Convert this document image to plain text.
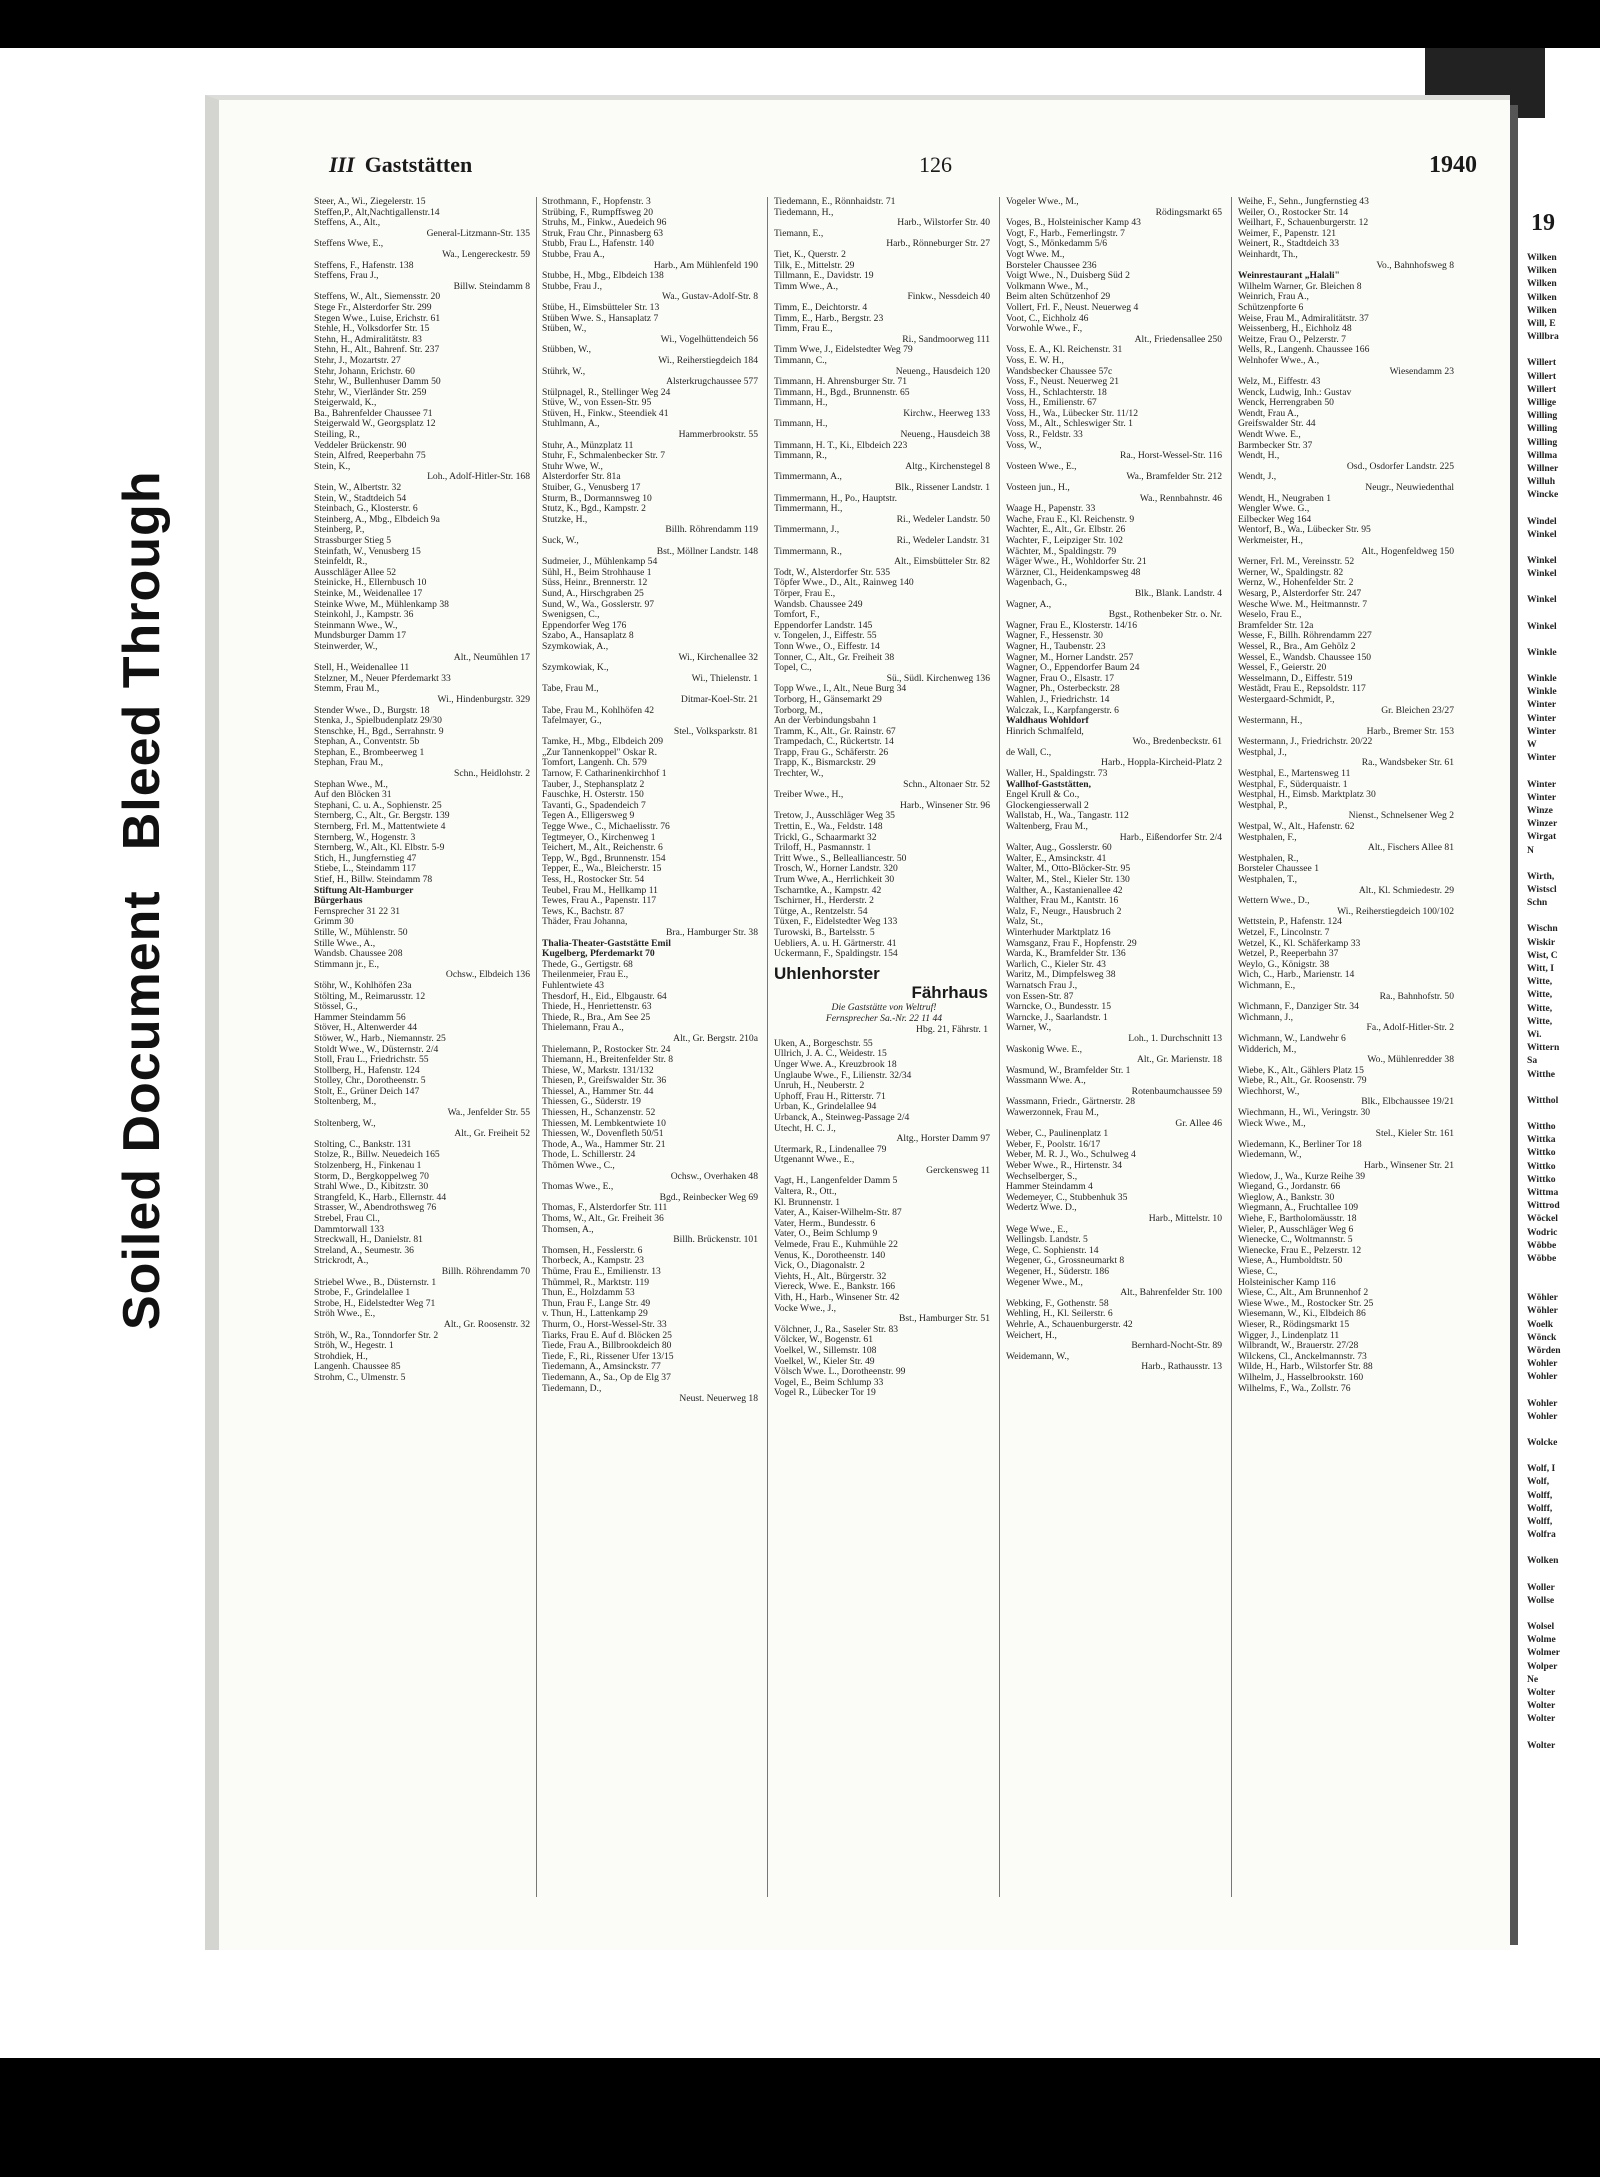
Soiled Document
Bleed Through
III Gaststätten	126	1940
Steer, A., Wi., Ziegelerstr. 15
Steffen,P., Alt,Nachtigallenstr.14
Steffens, A., Alt.,
General-Litzmann-Str. 135
Steffens Wwe, E.,
Wa., Lengereckestr. 59
Steffens, F., Hafenstr. 138
Steffens, Frau J.,
Billw. Steindamm 8
Steffens, W., Alt., Siemensstr. 20
Stege Fr., Alsterdorfer Str. 299
Stegen Wwe., Luise, Erichstr. 61
Stehle, H., Volksdorfer Str. 15
Stehn, H., Admiralitätstr. 83
Stehn, H., Alt., Bahrenf. Str. 237
Stehr, J., Mozartstr. 27
Stehr, Johann, Erichstr. 60
Stehr, W., Bullenhuser Damm 50
Stehr, W., Vierländer Str. 259
Steigerwald, K.,
Ba., Bahrenfelder Chaussee 71
Steigerwald W., Georgsplatz 12
Steiling, R.,
Veddeler Brückenstr. 90
Stein, Alfred, Reeperbahn 75
Stein, K.,
Loh., Adolf-Hitler-Str. 168
Stein, W., Albertstr. 32
Stein, W., Stadtdeich 54
Steinbach, G., Klosterstr. 6
Steinberg, A., Mbg., Elbdeich 9a
Steinberg, P.,
Strassburger Stieg 5
Steinfath, W., Venusberg 15
Steinfeldt, R.,
Ausschläger Allee 52
Steinicke, H., Ellernbusch 10
Steinke, M., Weidenallee 17
Steinke Wwe, M., Mühlenkamp 38
Steinkohl, J., Kampstr. 36
Steinmann Wwe., W.,
Mundsburger Damm 17
Steinwerder, W.,
Alt., Neumühlen 17
Stell, H., Weidenallee 11
Stelzner, M., Neuer Pferdemarkt 33
Stemm, Frau M.,
Wi., Hindenburgstr. 329
Stender Wwe., D., Burgstr. 18
Stenka, J., Spielbudenplatz 29/30
Stenschke, H., Bgd., Serrahnstr. 9
Stephan, A., Conventstr. 5b
Stephan, E., Brombeerweg 1
Stephan, Frau M.,
Schn., Heidlohstr. 2
Stephan Wwe., M.,
Auf den Blöcken 31
Stephani, C. u. A., Sophienstr. 25
Sternberg, C., Alt., Gr. Bergstr. 139
Sternberg, Frl. M., Mattentwiete 4
Sternberg, W., Hogenstr. 3
Sternberg, W., Alt., Kl. Elbstr. 5-9
Stich, H., Jungfernstieg 47
Stiebe, L., Steindamm 117
Stief, H., Billw. Steindamm 78
Stiftung Alt-Hamburger
Bürgerhaus
Fernsprecher 31 22 31
Grimm 30
Stille, W., Mühlenstr. 50
Stille Wwe., A.,
Wandsb. Chaussee 208
Stimmann jr., E.,
Ochsw., Elbdeich 136
Stöhr, W., Kohlhöfen 23a
Stölting, M., Reimarusstr. 12
Stössel, G.,
Hammer Steindamm 56
Stöver, H., Altenwerder 44
Stöwer, W., Harb., Niemannstr. 25
Stoldt Wwe., W., Düsternstr. 2/4
Stoll, Frau L., Friedrichstr. 55
Stollberg, H., Hafenstr. 124
Stolley, Chr., Dorotheenstr. 5
Stolt, E., Grüner Deich 147
Stoltenberg, M.,
Wa., Jenfelder Str. 55
Stoltenberg, W.,
Alt., Gr. Freiheit 52
Stolting, C., Bankstr. 131
Stolze, R., Billw. Neuedeich 165
Stolzenberg, H., Finkenau 1
Storm, D., Bergkoppelweg 70
Strahl Wwe., D., Kibitzstr. 30
Strangfeld, K., Harb., Ellernstr. 44
Strasser, W., Abendrothsweg 76
Strebel, Frau Cl.,
Dammtorwall 133
Streckwall, H., Danielstr. 81
Streland, A., Seumestr. 36
Strickrodt, A.,
Billh. Röhrendamm 70
Striebel Wwe., B., Düsternstr. 1
Strobe, F., Grindelallee 1
Strobe, H., Eidelstedter Weg 71
Ströh Wwe., E.,
Alt., Gr. Roosenstr. 32
Ströh, W., Ra., Tonndorfer Str. 2
Ströh, W., Hegestr. 1
Strohdiek, H.,
Langenh. Chaussee 85
Strohm, C., Ulmenstr. 5
Strothmann, F., Hopfenstr. 3
Strübing, F., Rumpffsweg 20
Struhs, M., Finkw., Auedeich 96
Struk, Frau Chr., Pinnasberg 63
Stubb, Frau L., Hafenstr. 140
Stubbe, Frau A.,
Harb., Am Mühlenfeld 190
Stubbe, H., Mbg., Elbdeich 138
Stubbe, Frau J.,
Wa., Gustav-Adolf-Str. 8
Stübe, H., Eimsbütteler Str. 13
Stüben Wwe. S., Hansaplatz 7
Stüben, W.,
Wi., Vogelhüttendeich 56
Stübben, W.,
Wi., Reiherstiegdeich 184
Stührk, W.,
Alsterkrugchaussee 577
Stülpnagel, R., Stellinger Weg 24
Stüve, W., von Essen-Str. 95
Stüven, H., Finkw., Steendiek 41
Stuhlmann, A.,
Hammerbrookstr. 55
Stuhr, A., Münzplatz 11
Stuhr, F., Schmalenbecker Str. 7
Stuhr Wwe, W.,
Alsterdorfer Str. 81a
Stuiber, G., Venusberg 17
Sturm, B., Dormannsweg 10
Stutz, K., Bgd., Kampstr. 2
Stutzke, H.,
Billh. Röhrendamm 119
Suck, W.,
Bst., Möllner Landstr. 148
Sudmeier, J., Mühlenkamp 54
Sühl, H., Beim Strohhause 1
Süss, Heinr., Brennerstr. 12
Sund, A., Hirschgraben 25
Sund, W., Wa., Gosslerstr. 97
Swenigsen, C.,
Eppendorfer Weg 176
Szabo, A., Hansaplatz 8
Szymkowiak, A.,
Wi., Kirchenallee 32
Szymkowiak, K.,
Wi., Thielenstr. 1
Tabe, Frau M.,
Ditmar-Koel-Str. 21
Tabe, Frau M., Kohlhöfen 42
Tafelmayer, G.,
Stel., Volksparkstr. 81
Tamke, H., Mbg., Elbdeich 209
„Zur Tannenkoppel" Oskar R.
Tomfort, Langenh. Ch. 579
Tarnow, F. Catharinenkirchhof 1
Tauber, J., Stephansplatz 2
Fauschke, H. Osterstr. 150
Tavanti, G., Spadendeich 7
Tegen A., Elligersweg 9
Tegge Wwe., C., Michaelisstr. 76
Tegtmeyer, O., Kirchenweg 1
Teichert, M., Alt., Reichenstr. 6
Tepp, W., Bgd., Brunnenstr. 154
Tepper, E., Wa., Bleicherstr. 15
Tess, H., Rostocker Str. 54
Teubel, Frau M., Hellkamp 11
Tewes, Frau A., Papenstr. 117
Tews, K., Bachstr. 87
Thäder, Frau Johanna,
Bra., Hamburger Str. 38
Thalia-Theater-Gaststätte Emil
Kugelberg, Pferdemarkt 70
Thede, G., Gertigstr. 68
Theilenmeier, Frau E.,
Fuhlentwiete 43
Thesdorf, H., Eid., Elbgaustr. 64
Thiede, H., Henriettenstr. 63
Thiede, R., Bra., Am See 25
Thielemann, Frau A.,
Alt., Gr. Bergstr. 210a
Thielemann, P., Rostocker Str. 24
Thiemann, H., Breitenfelder Str. 8
Thiese, W., Markstr. 131/132
Thiesen, P., Greifswalder Str. 36
Thiessel, A., Hammer Str. 44
Thiessen, G., Süderstr. 19
Thiessen, H., Schanzenstr. 52
Thiessen, M. Lembkentwiete 10
Thiessen, W., Dovenfleth 50/51
Thode, A., Wa., Hammer Str. 21
Thode, L. Schillerstr. 24
Thömen Wwe., C.,
Ochsw., Overhaken 48
Thomas Wwe., E.,
Bgd., Reinbecker Weg 69
Thomas, F., Alsterdorfer Str. 111
Thoms, W., Alt., Gr. Freiheit 36
Thomsen, A.,
Billh. Brückenstr. 101
Thomsen, H., Fesslerstr. 6
Thorbeck, A., Kampstr. 23
Thüme, Frau E., Emilienstr. 13
Thümmel, R., Marktstr. 119
Thun, E., Holzdamm 53
Thun, Frau F., Lange Str. 49
v. Thun, H., Lattenkamp 29
Thurm, O., Horst-Wessel-Str. 33
Tiarks, Frau E. Auf d. Blöcken 25
Tiede, Frau A., Billbrookdeich 80
Tiede, F., Ri., Rissener Ufer 13/15
Tiedemann, A., Amsinckstr. 77
Tiedemann, A., Sa., Op de Elg 37
Tiedemann, D.,
Neust. Neuerweg 18
Tiedemann, E., Rönnhaidstr. 71
Tiedemann, H.,
Harb., Wilstorfer Str. 40
Tiemann, E.,
Harb., Rönneburger Str. 27
Tiet, K., Querstr. 2
Tilk, E., Mittelstr. 29
Tillmann, E., Davidstr. 19
Timm Wwe., A.,
Finkw., Nessdeich 40
Timm, E., Deichtorstr. 4
Timm, E., Harb., Bergstr. 23
Timm, Frau E.,
Ri., Sandmoorweg 111
Timm Wwe, J., Eidelstedter Weg 79
Timmann, C.,
Neueng., Hausdeich 120
Timmann, H. Ahrensburger Str. 71
Timmann, H., Bgd., Brunnenstr. 65
Timmann, H.,
Kirchw., Heerweg 133
Timmann, H.,
Neueng., Hausdeich 38
Timmann, H. T., Ki., Elbdeich 223
Timmann, R.,
Altg., Kirchenstegel 8
Timmermann, A.,
Blk., Rissener Landstr. 1
Timmermann, H., Po., Hauptstr.
Timmermann, H.,
Ri., Wedeler Landstr. 50
Timmermann, J.,
Ri., Wedeler Landstr. 31
Timmermann, R.,
Alt., Eimsbütteler Str. 82
Todt, W., Alsterdorfer Str. 535
Töpfer Wwe., D., Alt., Rainweg 140
Törper, Frau E.,
Wandsb. Chaussee 249
Tomfort, F.,
Eppendorfer Landstr. 145
v. Tongelen, J., Eiffestr. 55
Tonn Wwe., O., Eiffestr. 14
Tonner, C., Alt., Gr. Freiheit 38
Topel, C.,
Sü., Südl. Kirchenweg 136
Topp Wwe., I., Alt., Neue Burg 34
Torborg, H., Gänsemarkt 29
Torborg, M.,
An der Verbindungsbahn 1
Tramm, K., Alt., Gr. Rainstr. 67
Trampedach, C., Rückertstr. 14
Trapp, Frau G., Schäferstr. 26
Trapp, K., Bismarckstr. 29
Trechter, W.,
Schn., Altonaer Str. 52
Treiber Wwe., H.,
Harb., Winsener Str. 96
Tretow, J., Ausschläger Weg 35
Trettin, E., Wa., Feldstr. 148
Trickl, G., Schaarmarkt 32
Triloff, H., Pasmannstr. 1
Tritt Wwe., S., Bellealliancestr. 50
Trosch, W., Horner Landstr. 320
Trum Wwe, A., Herrlichkeit 30
Tscharntke, A., Kampstr. 42
Tschirner, H., Herderstr. 2
Tütge, A., Rentzelstr. 54
Tüxen, F., Eidelstedter Weg 133
Turowski, B., Bartelsstr. 5
Uebliers, A. u. H. Gärtnerstr. 41
Uckermann, F., Spaldingstr. 154
Uhlenhorster
Fährhaus
Die Gaststätte von Weltruf!
Fernsprecher Sa.-Nr. 22 11 44
Hbg. 21, Fährstr. 1
Uken, A., Borgeschstr. 55
Ullrich, J. A. C., Weidestr. 15
Unger Wwe. A., Kreuzbrook 18
Unglaube Wwe., F., Lilienstr. 32/34
Unruh, H., Neuberstr. 2
Uphoff, Frau H., Ritterstr. 71
Urban, K., Grindelallee 94
Urbanck, A., Steinweg-Passage 2/4
Utecht, H. C. J.,
Altg., Horster Damm 97
Utermark, R., Lindenallee 79
Utgenannt Wwe., E.,
Gerckensweg 11
Vagt, H., Langenfelder Damm 5
Valtera, R., Ott.,
Kl. Brunnenstr. 1
Vater, A., Kaiser-Wilhelm-Str. 87
Vater, Herm., Bundesstr. 6
Vater, O., Beim Schlump 9
Velmede, Frau E., Kuhmühle 22
Venus, K., Dorotheenstr. 140
Vick, O., Diagonalstr. 2
Viehts, H., Alt., Bürgerstr. 32
Viereck, Wwe. E., Bankstr. 166
Vith, H., Harb., Winsener Str. 42
Vocke Wwe., J.,
Bst., Hamburger Str. 51
Völchner, J., Ra., Saseler Str. 83
Völcker, W., Bogenstr. 61
Voelkel, W., Sillemstr. 108
Voelkel, W., Kieler Str. 49
Völsch Wwe. L., Dorotheenstr. 99
Vogel, E., Beim Schlump 33
Vogel R., Lübecker Tor 19
Vogeler Wwe., M.,
Rödingsmarkt 65
Voges, B., Holsteinischer Kamp 43
Vogt, F., Harb., Femerlingstr. 7
Vogt, S., Mönkedamm 5/6
Vogt Wwe. M.,
Borsteler Chaussee 236
Voigt Wwe., N., Duisberg Süd 2
Volkmann Wwe., M.,
Beim alten Schützenhof 29
Vollert, Frl. F., Neust. Neuerweg 4
Voot, C., Eichholz 46
Vorwohle Wwe., F.,
Alt., Friedensallee 250
Voss, E. A., Kl. Reichenstr. 31
Voss, E. W. H.,
Wandsbecker Chaussee 57c
Voss, F., Neust. Neuerweg 21
Voss, H., Schlachterstr. 18
Voss, H., Emilienstr. 67
Voss, H., Wa., Lübecker Str. 11/12
Voss, M., Alt., Schleswiger Str. 1
Voss, R., Feldstr. 33
Voss, W.,
Ra., Horst-Wessel-Str. 116
Vosteen Wwe., E.,
Wa., Bramfelder Str. 212
Vosteen jun., H.,
Wa., Rennbahnstr. 46
Waage H., Papenstr. 33
Wache, Frau E., Kl. Reichenstr. 9
Wachter, E., Alt., Gr. Elbstr. 26
Wachter, F., Leipziger Str. 102
Wächter, M., Spaldingstr. 79
Wäger Wwe., H., Wohldorfer Str. 21
Wärzner, Cl., Heidenkampsweg 48
Wagenbach, G.,
Blk., Blank. Landstr. 4
Wagner, A.,
Bgst., Rothenbeker Str. o. Nr.
Wagner, Frau E., Klosterstr. 14/16
Wagner, F., Hessenstr. 30
Wagner, H., Taubenstr. 23
Wagner, M., Horner Landstr. 257
Wagner, O., Eppendorfer Baum 24
Wagner, Frau O., Elsastr. 17
Wagner, Ph., Osterbeckstr. 28
Wahlen, J., Friedrichstr. 14
Walczak, L., Karpfangerstr. 6
Waldhaus Wohldorf
Hinrich Schmalfeld,
Wo., Bredenbeckstr. 61
de Wall, C.,
Harb., Hoppla-Kircheid-Platz 2
Waller, H., Spaldingstr. 73
Wallhof-Gaststätten,
Engel Krull & Co.,
Glockengiesserwall 2
Wallstab, H., Wa., Tangastr. 112
Waltenberg, Frau M.,
Harb., Eißendorfer Str. 2/4
Walter, Aug., Gosslerstr. 60
Walter, E., Amsinckstr. 41
Walter, M., Otto-Blöcker-Str. 95
Walter, M., Stel., Kieler Str. 130
Walther, A., Kastanienallee 42
Walther, Frau M., Kantstr. 16
Walz, F., Neugr., Hausbruch 2
Walz, St.,
Winterhuder Marktplatz 16
Wamsganz, Frau F., Hopfenstr. 29
Warda, K., Bramfelder Str. 136
Warlich, C., Kieler Str. 43
Waritz, M., Dimpfelsweg 38
Warnatsch Frau J.,
von Essen-Str. 87
Warncke, O., Bundesstr. 15
Warncke, J., Saarlandstr. 1
Warner, W.,
Loh., 1. Durchschnitt 13
Waskonig Wwe. E.,
Alt., Gr. Marienstr. 18
Wasmund, W., Bramfelder Str. 1
Wassmann Wwe. A.,
Rotenbaumchaussee 59
Wassmann, Friedr., Gärtnerstr. 28
Wawerzonnek, Frau M.,
Gr. Allee 46
Weber, C., Paulinenplatz 1
Weber, F., Poolstr. 16/17
Weber, M. R. J., Wo., Schulweg 4
Weber Wwe., R., Hirtenstr. 34
Wechselberger, S.,
Hammer Steindamm 4
Wedemeyer, C., Stubbenhuk 35
Wedertz Wwe. D.,
Harb., Mittelstr. 10
Wege Wwe., E.,
Wellingsb. Landstr. 5
Wege, C. Sophienstr. 14
Wegener, G., Grossneumarkt 8
Wegener, H., Süderstr. 186
Wegener Wwe., M.,
Alt., Bahrenfelder Str. 100
Webking, F., Gothenstr. 58
Wehling, H., Kl. Seilerstr. 6
Wehrle, A., Schauenburgerstr. 42
Weichert, H.,
Bernhard-Nocht-Str. 89
Weidemann, W.,
Harb., Rathausstr. 13
Weihe, F., Sehn., Jungfernstieg 43
Weiler, O., Rostocker Str. 14
Weilhart, F., Schauenburgerstr. 12
Weimer, F., Papenstr. 121
Weinert, R., Stadtdeich 33
Weinhardt, Th.,
Vo., Bahnhofsweg 8
Weinrestaurant „Halali"
Wilhelm Warner, Gr. Bleichen 8
Weinrich, Frau A.,
Schützenpforte 6
Weise, Frau M., Admiralitätstr. 37
Weissenberg, H., Eichholz 48
Weitze, Frau O., Pelzerstr. 7
Wells, R., Langenh. Chaussee 166
Welnhofer Wwe., A.,
Wiesendamm 23
Welz, M., Eiffestr. 43
Wenck, Ludwig, Inh.: Gustav
Wenck, Herrengraben 50
Wendt, Frau A.,
Greifswalder Str. 44
Wendt Wwe. E.,
Barmbecker Str. 37
Wendt, H.,
Osd., Osdorfer Landstr. 225
Wendt, J.,
Neugr., Neuwiedenthal
Wendt, H., Neugraben 1
Wengler Wwe. G.,
Eilbecker Weg 164
Wentorf, B., Wa., Lübecker Str. 95
Werkmeister, H.,
Alt., Hogenfeldweg 150
Werner, Frl. M., Vereinsstr. 52
Werner, W., Spaldingstr. 82
Wernz, W., Hohenfelder Str. 2
Wesarg, P., Alsterdorfer Str. 247
Wesche Wwe. M., Heitmannstr. 7
Weselo, Frau E.,
Bramfelder Str. 12a
Wesse, F., Billh. Röhrendamm 227
Wessel, R., Bra., Am Gehölz 2
Wessel, E., Wandsb. Chaussee 150
Wessel, F., Geierstr. 20
Wesselmann, D., Eiffestr. 519
Westädt, Frau E., Repsoldstr. 117
Westergaard-Schmidt, P.,
Gr. Bleichen 23/27
Westermann, H.,
Harb., Bremer Str. 153
Westermann, J., Friedrichstr. 20/22
Westphal, J.,
Ra., Wandsbeker Str. 61
Westphal, E., Martensweg 11
Westphal, F., Süderquaistr. 1
Westphal, H., Eimsb. Marktplatz 30
Westphal, P.,
Nienst., Schnelsener Weg 2
Westpal, W., Alt., Hafenstr. 62
Westphalen, F.,
Alt., Fischers Allee 81
Westphalen, R.,
Borsteler Chaussee 1
Westphalen, T.,
Alt., Kl. Schmiedestr. 29
Wettern Wwe., D.,
Wi., Reiherstiegdeich 100/102
Wettstein, P., Hafenstr. 124
Wetzel, F., Lincolnstr. 7
Wetzel, K., Kl. Schäferkamp 33
Wetzel, P., Reeperbahn 37
Weylo, G., Königstr. 38
Wich, C., Harb., Marienstr. 14
Wichmann, E.,
Ra., Bahnhofstr. 50
Wichmann, F., Danziger Str. 34
Wichmann, J.,
Fa., Adolf-Hitler-Str. 2
Wichmann, W., Landwehr 6
Widderich, M.,
Wo., Mühlenredder 38
Wiebe, K., Alt., Gählers Platz 15
Wiebe, R., Alt., Gr. Roosenstr. 79
Wiechhorst, W.,
Blk., Elbchaussee 19/21
Wiechmann, H., Wi., Veringstr. 30
Wieck Wwe., M.,
Stel., Kieler Str. 161
Wiedemann, K., Berliner Tor 18
Wiedemann, W.,
Harb., Winsener Str. 21
Wiedow, J., Wa., Kurze Reihe 39
Wiegand, G., Jordanstr. 66
Wieglow, A., Bankstr. 30
Wiegmann, A., Fruchtallee 109
Wiehe, F., Bartholomäusstr. 18
Wieler, P., Ausschläger Weg 6
Wienecke, C., Woltmannstr. 5
Wienecke, Frau E., Pelzerstr. 12
Wiese, A., Humboldtstr. 50
Wiese, C.,
Holsteinischer Kamp 116
Wiese, C., Alt., Am Brunnenhof 2
Wiese Wwe., M., Rostocker Str. 25
Wiesemann, W., Ki., Elbdeich 86
Wieser, R., Rödingsmarkt 15
Wigger, J., Lindenplatz 11
Wilbrandt, W., Brauerstr. 27/28
Wilckens, Cl., Anckelmannstr. 73
Wilde, H., Harb., Wilstorfer Str. 88
Wilhelm, J., Hasselbrookstr. 160
Wilhelms, F., Wa., Zollstr. 76
19
Wilken
Wilken
Wilken
Wilken
Wilken
Will, E
Willbra
Willert
Willert
Willert
Willige
Willing
Willing
Willing
Willma
Willner
Willuh
Wincke
Windel
Winkel
Winkel
Winkel
Winkel
Winkel
Winkle
Winkle
Winkle
Winter
Winter
Winter
W
Winter
Winter
Winter
Winze
Winzer
Wirgat
N
Wirth,
Wistscl
Schn
Wischn
Wiskir
Wist, C
Witt, I
Witte,
Witte,
Witte,
Witte,
Wi.
Wittern
Sa
Witthe
Witthol
Wittho
Wittka
Wittko
Wittko
Wittko
Wittma
Wittrod
Wöckel
Wodric
Wöbbe
Wöbbe
Wöhler
Wöhler
Woelk
Wönck
Wörden
Wohler
Wohler
Wohler
Wohler
Wolcke
Wolf, I
Wolf,
Wolff,
Wolff,
Wolff,
Wolfra
Wolken
Woller
Wollse
Wolsel
Wolme
Wolmer
Wolper
Ne
Wolter
Wolter
Wolter
Wolter
